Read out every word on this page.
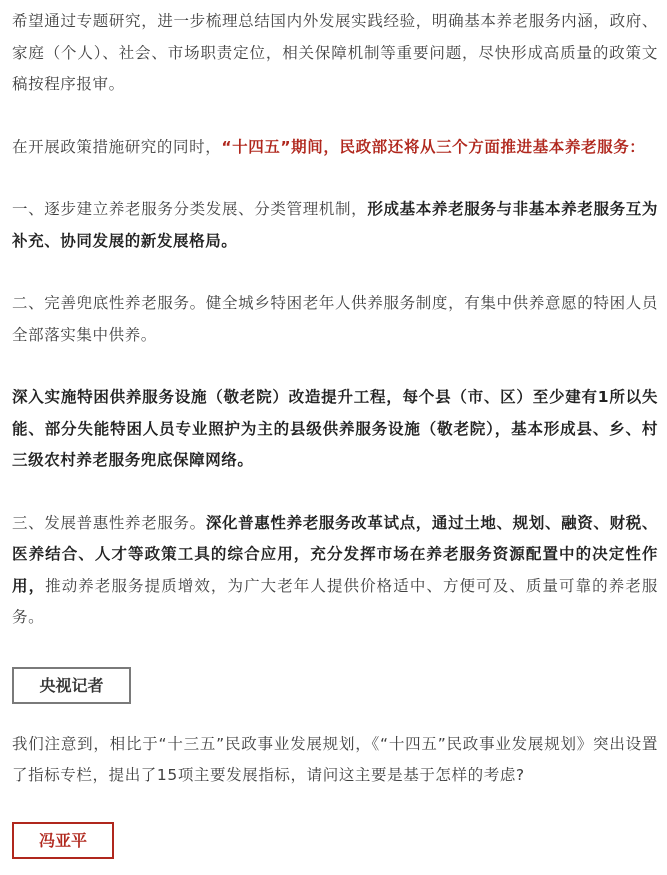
希望通过专题研究，进一步梳理总结国内外发展实践经验，明确基本养老服务内涵，政府、家庭（个人）、社会、市场职责定位，相关保障机制等重要问题，尽快形成高质量的政策文稿按程序报审。

在开展政策措施研究的同时，“十四五”期间，民政部还将从三个方面推进基本养老服务：

一、逐步建立养老服务分类发展、分类管理机制，形成基本养老服务与非基本养老服务互为补充、协同发展的新发展格局。

二、完善兜底性养老服务。健全城乡特困老年人供养服务制度，有集中供养意愿的特困人员全部落实集中供养。

深入实施特困供养服务设施（敬老院）改造提升工程，每个县（市、区）至少建有1所以失能、部分失能特困人员专业照护为主的县级供养服务设施（敬老院），基本形成县、乡、村三级农村养老服务兜底保障网络。

三、发展普惠性养老服务。深化普惠性养老服务改革试点，通过土地、规划、融资、财税、医养结合、人才等政策工具的综合应用，充分发挥市场在养老服务资源配置中的决定性作用，推动养老服务提质增效，为广大老年人提供价格适中、方便可及、质量可靠的养老服务。

央视记者

我们注意到，相比于“十三五”民政事业发展规划，《“十四五”民政事业发展规划》突出设置了指标专栏，提出了15项主要发展指标，请问这主要是基于怎样的考虑?

冯亚平
